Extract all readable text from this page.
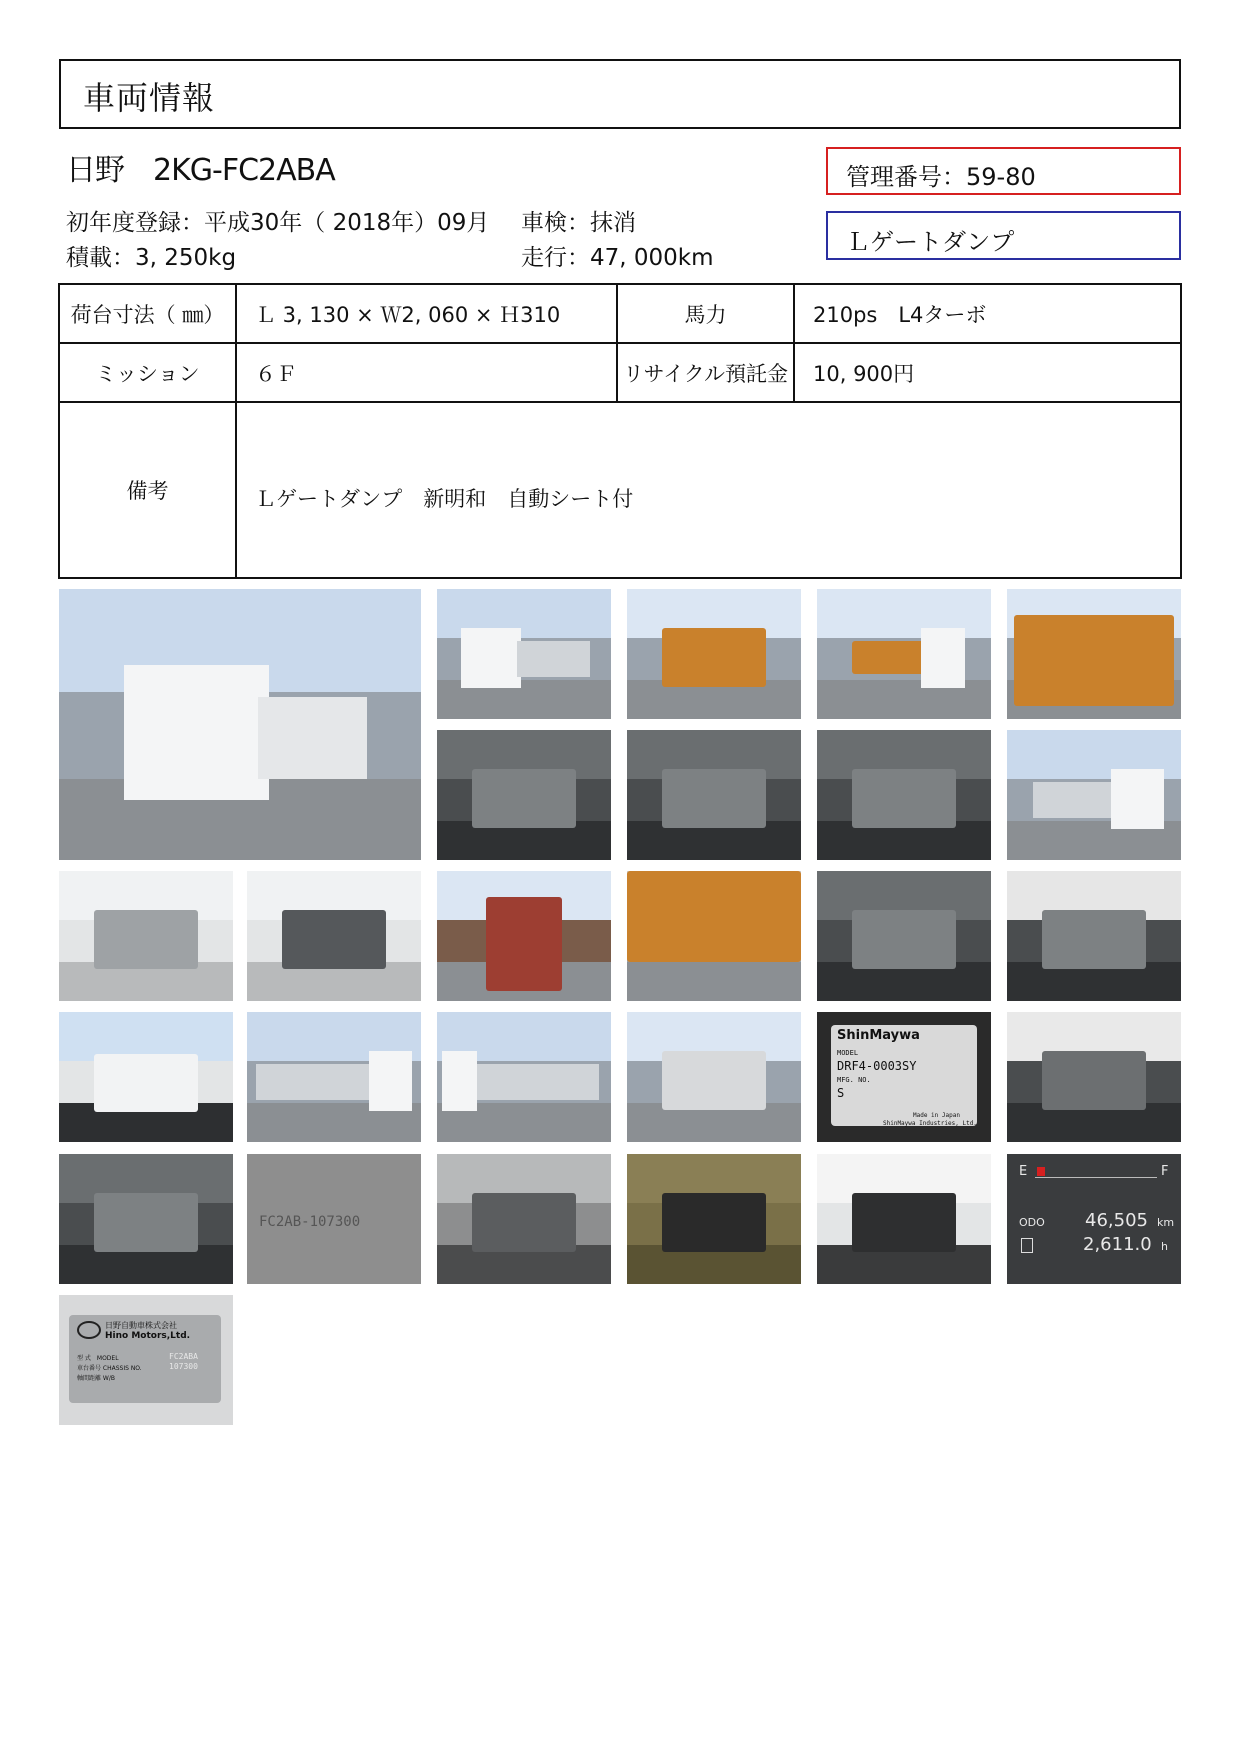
車両情報
日野　2KG-FC2ABA
初年度登録：平成30年（ 2018年）09月 車検：抹消
積載：3, 250kg	走行：47, 000km
管理番号：59-80
Ｌゲートダンプ
荷台寸法（ ㎜）	Ｌ 3, 130 × Ｗ2, 060 × Ｈ310	馬力	210ps　L4ターボ
ミッション	６Ｆ	リサイクル預託金	10, 900円
備考	Ｌゲートダンプ　新明和　自動シート付		
ShinMaywa
MODEL
DRF4-0003SY
MFG. NO.
S
Made in Japan
ShinMaywa Industries, Ltd.
FC2AB-107300
E	F
ODO 46,505 km
2,611.0 h
日野自動車株式会社
Hino Motors,Ltd.
型 式　MODEL
車台番号 CHASSIS NO.
軸間距離 W/B
FC2ABA
107300
